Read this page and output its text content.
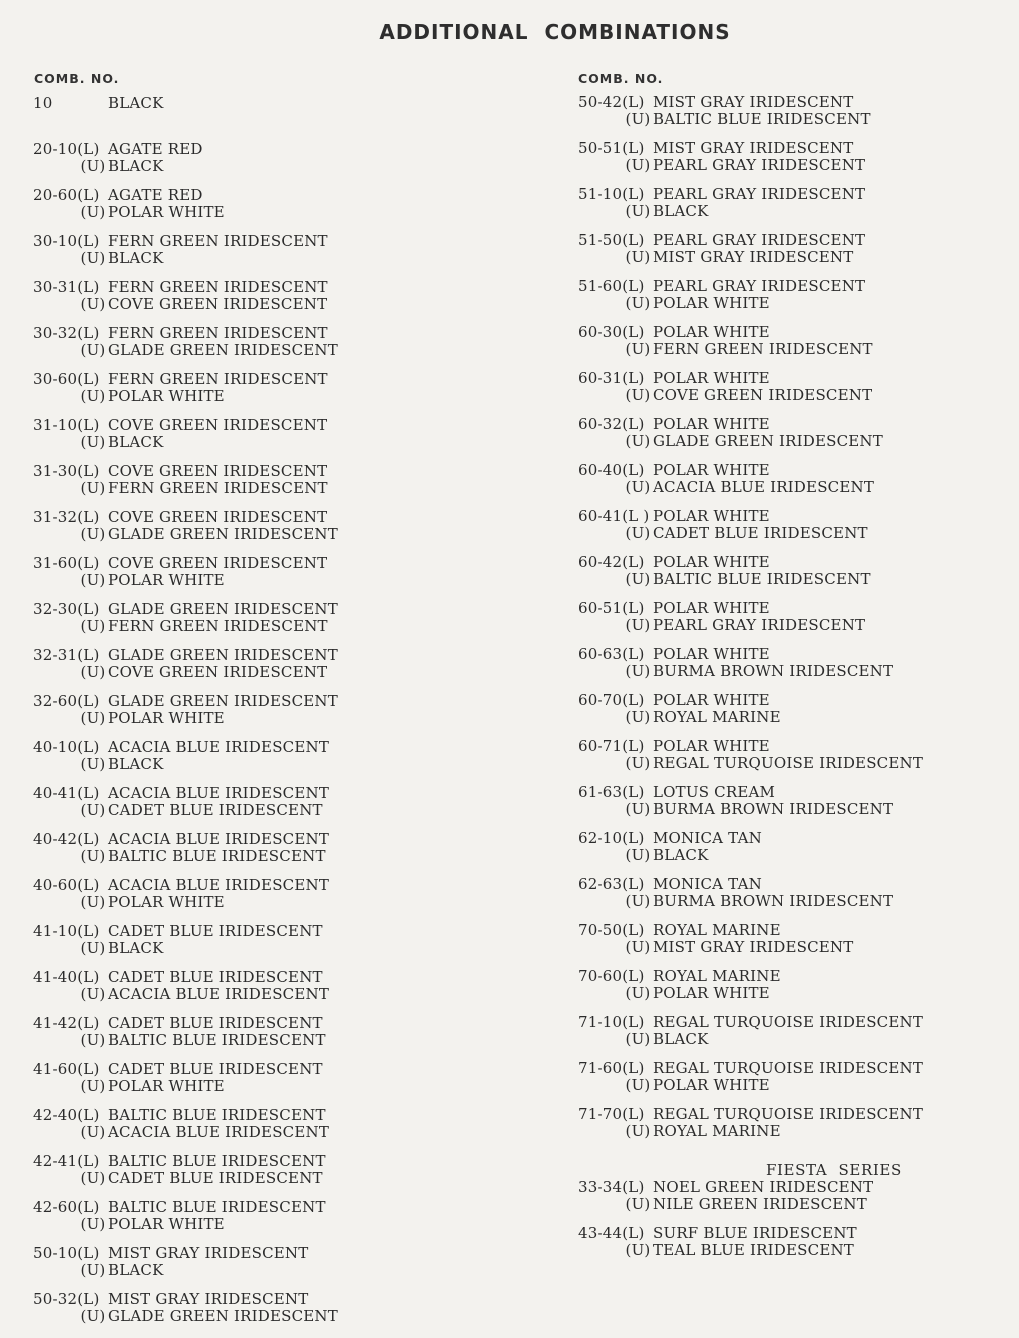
ADDITIONAL COMBINATIONS
COMB. NO.	COMB. NO.
10	BLACK
20-10(L) AGATE RED
(U) BLACK
20-60(L) AGATE RED
(U) POLAR WHITE
30-10(L) FERN GREEN IRIDESCENT
(U) BLACK
30-31(L) FERN GREEN IRIDESCENT
(U) COVE GREEN IRIDESCENT
30-32(L) FERN GREEN IRIDESCENT
(U) GLADE GREEN IRIDESCENT
30-60(L) FERN GREEN IRIDESCENT
(U) POLAR WHITE
31-10(L) COVE GREEN IRIDESCENT
(U) BLACK
31-30(L) COVE GREEN IRIDESCENT
(U) FERN GREEN IRIDESCENT
31-32(L) COVE GREEN IRIDESCENT
(U) GLADE GREEN IRIDESCENT
31-60(L) COVE GREEN IRIDESCENT
(U) POLAR WHITE
32-30(L) GLADE GREEN IRIDESCENT
(U) FERN GREEN IRIDESCENT
32-31(L) GLADE GREEN IRIDESCENT
(U) COVE GREEN IRIDESCENT
32-60(L) GLADE GREEN IRIDESCENT
(U) POLAR WHITE
40-10(L) ACACIA BLUE IRIDESCENT
(U) BLACK
40-41(L) ACACIA BLUE IRIDESCENT
(U) CADET BLUE IRIDESCENT
40-42(L) ACACIA BLUE IRIDESCENT
(U) BALTIC BLUE IRIDESCENT
40-60(L) ACACIA BLUE IRIDESCENT
(U) POLAR WHITE
41-10(L) CADET BLUE IRIDESCENT
(U) BLACK
41-40(L) CADET BLUE IRIDESCENT
(U) ACACIA BLUE IRIDESCENT
41-42(L) CADET BLUE IRIDESCENT
(U) BALTIC BLUE IRIDESCENT
41-60(L) CADET BLUE IRIDESCENT
(U) POLAR WHITE
42-40(L) BALTIC BLUE IRIDESCENT
(U) ACACIA BLUE IRIDESCENT
42-41(L) BALTIC BLUE IRIDESCENT
(U) CADET BLUE IRIDESCENT
42-60(L) BALTIC BLUE IRIDESCENT
(U) POLAR WHITE
50-10(L) MIST GRAY IRIDESCENT
(U) BLACK
50-32(L) MIST GRAY IRIDESCENT
(U) GLADE GREEN IRIDESCENT
50-42(L) MIST GRAY IRIDESCENT
(U) BALTIC BLUE IRIDESCENT
50-51(L) MIST GRAY IRIDESCENT
(U) PEARL GRAY IRIDESCENT
51-10(L) PEARL GRAY IRIDESCENT
(U) BLACK
51-50(L) PEARL GRAY IRIDESCENT
(U) MIST GRAY IRIDESCENT
51-60(L) PEARL GRAY IRIDESCENT
(U) POLAR WHITE
60-30(L) POLAR WHITE
(U) FERN GREEN IRIDESCENT
60-31(L) POLAR WHITE
(U) COVE GREEN IRIDESCENT
60-32(L) POLAR WHITE
(U) GLADE GREEN IRIDESCENT
60-40(L) POLAR WHITE
(U) ACACIA BLUE IRIDESCENT
60-41(L ) POLAR WHITE
(U) CADET BLUE IRIDESCENT
60-42(L) POLAR WHITE
(U) BALTIC BLUE IRIDESCENT
60-51(L) POLAR WHITE
(U) PEARL GRAY IRIDESCENT
60-63(L) POLAR WHITE
(U) BURMA BROWN IRIDESCENT
60-70(L) POLAR WHITE
(U) ROYAL MARINE
60-71(L) POLAR WHITE
(U) REGAL TURQUOISE IRIDESCENT
61-63(L) LOTUS CREAM
(U) BURMA BROWN IRIDESCENT
62-10(L) MONICA TAN
(U) BLACK
62-63(L) MONICA TAN
(U) BURMA BROWN IRIDESCENT
70-50(L) ROYAL MARINE
(U) MIST GRAY IRIDESCENT
70-60(L) ROYAL MARINE
(U) POLAR WHITE
71-10(L) REGAL TURQUOISE IRIDESCENT
(U) BLACK
71-60(L) REGAL TURQUOISE IRIDESCENT
(U) POLAR WHITE
71-70(L) REGAL TURQUOISE IRIDESCENT
(U) ROYAL MARINE
FIESTA SERIES
33-34(L) NOEL GREEN IRIDESCENT
(U) NILE GREEN IRIDESCENT
43-44(L) SURF BLUE IRIDESCENT
(U) TEAL BLUE IRIDESCENT
